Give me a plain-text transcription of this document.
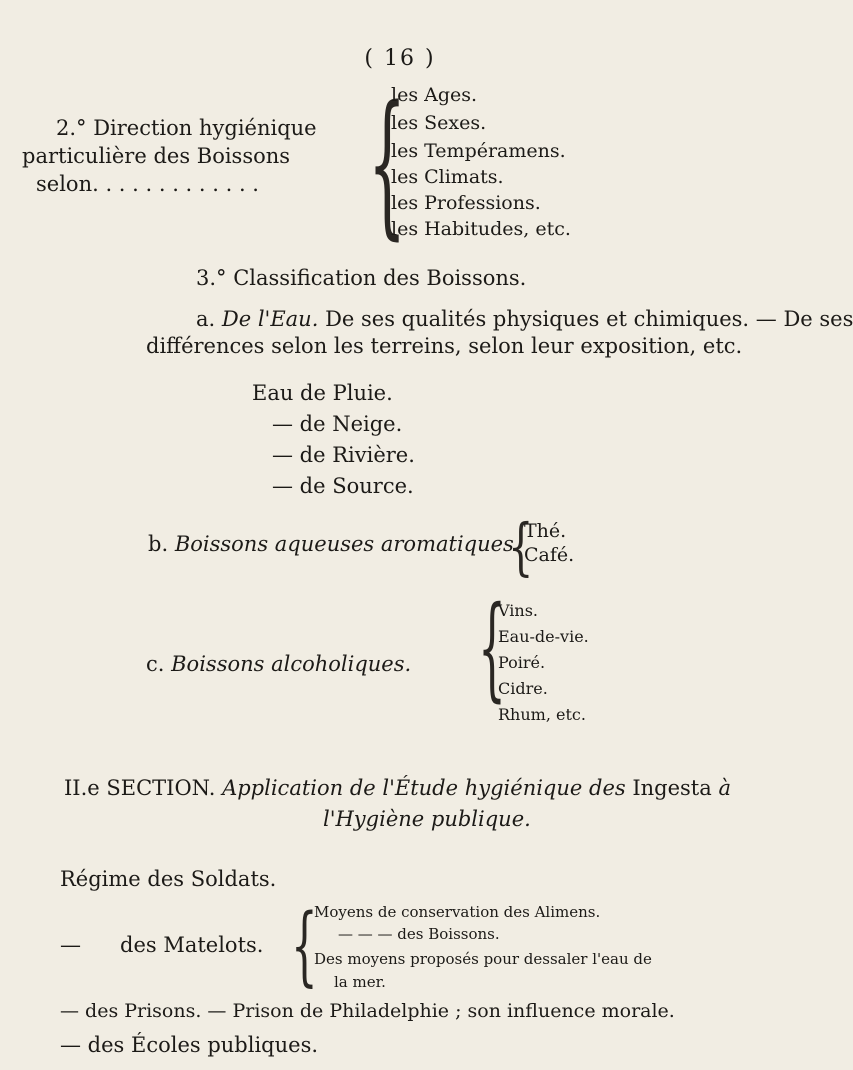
( 16 )
2.° Direction hygiénique
particulière des Boissons
selon. . . . . . . . . . . . . {
les Ages.
les Sexes.
les Tempéramens.
les Climats.
les Professions.
les Habitudes, etc.
3.° Classification des Boissons.
a. De l'Eau. De ses qualités physiques et chimiques. — De ses
différences selon les terreins, selon leur exposition, etc.
Eau de Pluie.
— de Neige.
— de Rivière.
— de Source.
b. Boissons aqueuses aromatiques.
{
Thé.
Café.
c. Boissons alcoholiques. {
Vins.
Eau-de-vie.
Poiré.
Cidre.
Rhum, etc.
II.e SECTION. Application de l'Étude hygiénique des Ingesta à
l'Hygiène publique.
Régime des Soldats.
— des Matelots. {
Moyens de conservation des Alimens.
— — — des Boissons.
Des moyens proposés pour dessaler l'eau de
la mer.
— des Prisons. — Prison de Philadelphie ; son influence morale.
— des Écoles publiques.
